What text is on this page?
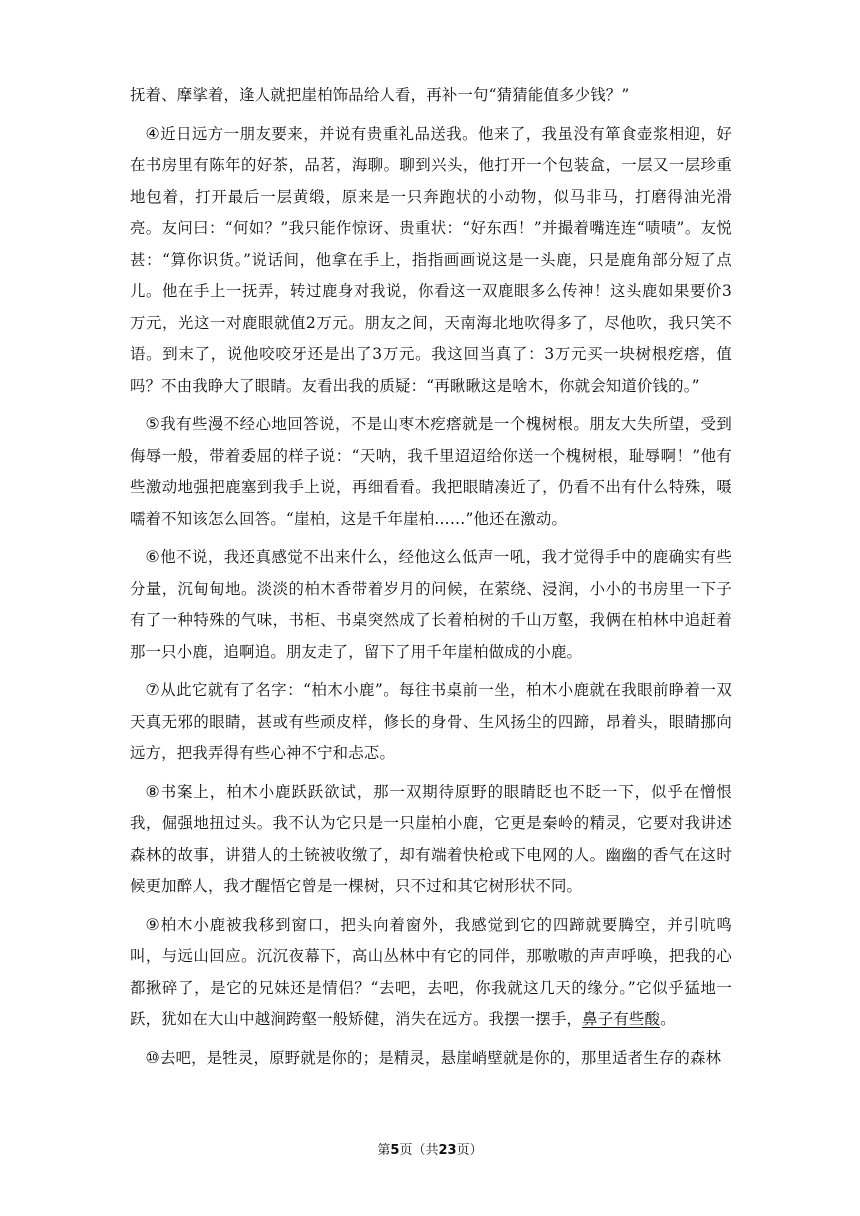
抚着、摩挲着，逢人就把崖柏饰品给人看，再补一句“猜猜能值多少钱？”

④近日远方一朋友要来，并说有贵重礼品送我。他来了，我虽没有箪食壶浆相迎，好在书房里有陈年的好茶，品茗，海聊。聊到兴头，他打开一个包装盒，一层又一层珍重地包着，打开最后一层黄缎，原来是一只奔跑状的小动物，似马非马，打磨得油光滑亮。友问曰：“何如？”我只能作惊讶、贵重状：“好东西！”并撮着嘴连连“啧啧”。友悦甚：“算你识货。”说话间，他拿在手上，指指画画说这是一头鹿，只是鹿角部分短了点儿。他在手上一抚弄，转过鹿身对我说，你看这一双鹿眼多么传神！这头鹿如果要价3万元，光这一对鹿眼就值2万元。朋友之间，天南海北地吹得多了，尽他吹，我只笑不语。到末了，说他咬咬牙还是出了3万元。我这回当真了：3万元买一块树根疙瘩，值吗？不由我睁大了眼睛。友看出我的质疑：“再瞅瞅这是啥木，你就会知道价钱的。”

⑤我有些漫不经心地回答说，不是山枣木疙瘩就是一个槐树根。朋友大失所望，受到侮辱一般，带着委屈的样子说：“天呐，我千里迢迢给你送一个槐树根，耻辱啊！”他有些激动地强把鹿塞到我手上说，再细看看。我把眼睛凑近了，仍看不出有什么特殊，嗫嚅着不知该怎么回答。“崖柏，这是千年崖柏……”他还在激动。

⑥他不说，我还真感觉不出来什么，经他这么低声一吼，我才觉得手中的鹿确实有些分量，沉甸甸地。淡淡的柏木香带着岁月的问候，在萦绕、浸润，小小的书房里一下子有了一种特殊的气味，书柜、书桌突然成了长着柏树的千山万壑，我俩在柏林中追赶着那一只小鹿，追啊追。朋友走了，留下了用千年崖柏做成的小鹿。

⑦从此它就有了名字：“柏木小鹿”。每往书桌前一坐，柏木小鹿就在我眼前睁着一双天真无邪的眼睛，甚或有些顽皮样，修长的身骨、生风扬尘的四蹄，昂着头，眼睛挪向远方，把我弄得有些心神不宁和忐忑。

⑧书案上，柏木小鹿跃跃欲试，那一双期待原野的眼睛眨也不眨一下，似乎在憎恨我，倔强地扭过头。我不认为它只是一只崖柏小鹿，它更是秦岭的精灵，它要对我讲述森林的故事，讲猎人的土铳被收缴了，却有端着快枪或下电网的人。幽幽的香气在这时候更加醉人，我才醒悟它曾是一棵树，只不过和其它树形状不同。

⑨柏木小鹿被我移到窗口，把头向着窗外，我感觉到它的四蹄就要腾空，并引吭鸣叫，与远山回应。沉沉夜幕下，高山丛林中有它的同伴，那嗷嗷的声声呼唤，把我的心都揪碎了，是它的兄妹还是情侣？“去吧，去吧，你我就这几天的缘分。”它似乎猛地一跃，犹如在大山中越涧跨壑一般矫健，消失在远方。我摆一摆手，鼻子有些酸。

⑩去吧，是牲灵，原野就是你的；是精灵，悬崖峭壁就是你的，那里适者生存的森林

第5页（共23页）
